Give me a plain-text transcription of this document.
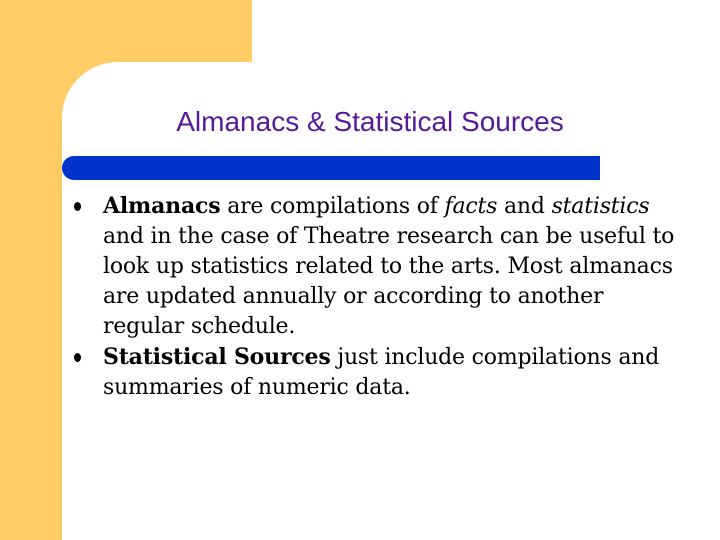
Almanacs & Statistical Sources
Almanacs are compilations of facts and statistics and in the case of Theatre research can be useful to look up statistics related to the arts. Most almanacs are updated annually or according to another regular schedule.
Statistical Sources just include compilations and summaries of numeric data.
